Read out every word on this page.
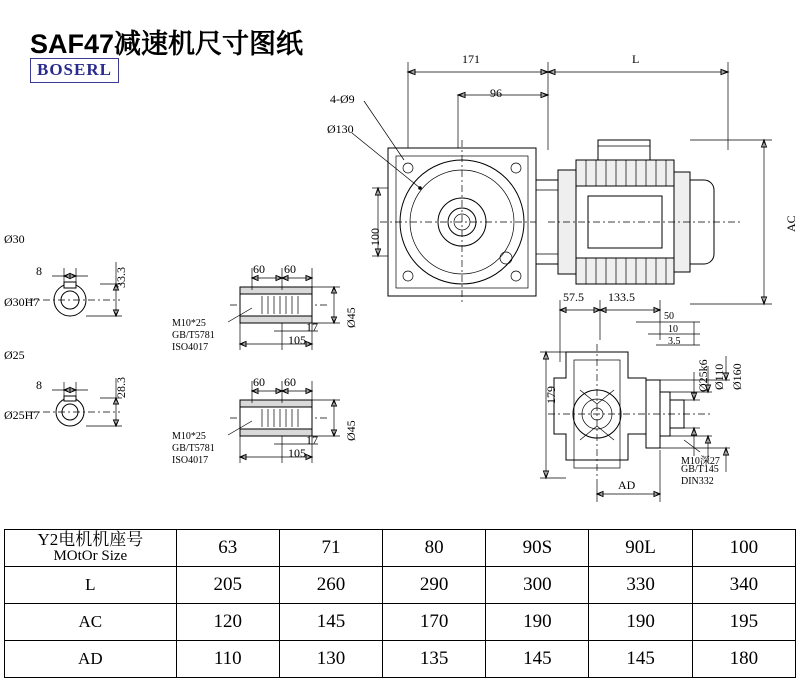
SAF47减速机尺寸图纸
BOSERL
171	L
4-Ø9	96
Ø130
100
AC
Ø30
Ø30H7
33.3
8
Ø25
Ø25H7
28.3
8
60 60
17
105
Ø45
M10*25
GB/T5781
ISO4017
60 60
17
105
Ø45
M10*25
GB/T5781
ISO4017
57.5 133.5
50
10
3.5
179
Ø25k6 Ø110 Ø160
AD
M10深27
GB/T145
DIN332
Y2电机机座号
MOtOr Size	63	71	80	90S	90L	100
L	205	260	290	300	330	340
AC	120	145	170	190	190	195
AD	110	130	135	145	145	180
